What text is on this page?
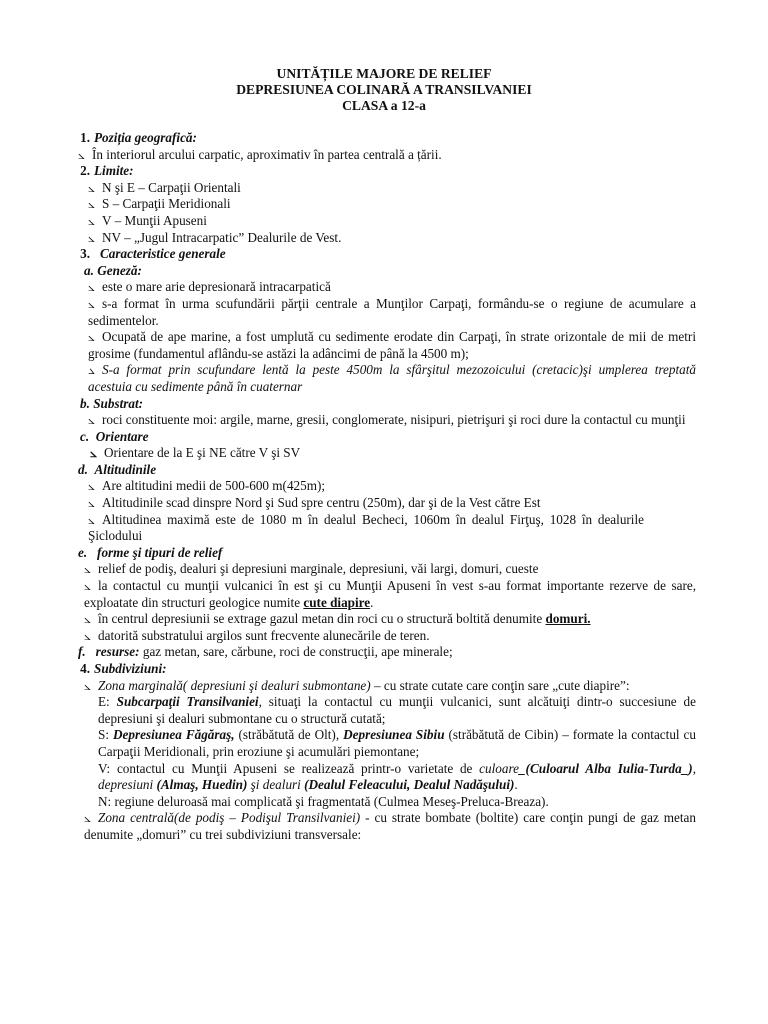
UNITĂȚILE MAJORE DE RELIEF
DEPRESIUNEA COLINARĂ A TRANSILVANIEI
CLASA a 12-a
1. Poziția geografică:
⦣ În interiorul arcului carpatic, aproximativ în partea centrală a țării.
2. Limite:
⦣ N şi E – Carpaţii Orientali
⦣ S – Carpaţii Meridionali
⦣ V – Munţii Apuseni
⦣ NV – „Jugul Intracarpatic” Dealurile de Vest.
3. Caracteristice generale
a. Geneză:
⦣ este o mare arie depresionară intracarpatică
⦣ s-a format în urma scufundării părţii centrale a Munţilor Carpaţi, formându-se o regiune de acumulare a sedimentelor.
⦣ Ocupată de ape marine, a fost umplută cu sedimente erodate din Carpaţi, în strate orizontale de mii de metri grosime (fundamentul aflându-se astăzi la adâncimi de până la 4500 m);
⦣ S-a format prin scufundare lentă la peste 4500m la sfârşitul mezozoicului (cretacic)şi umplerea treptată acestuia cu sedimente până în cuaternar
b. Substrat:
⦣ roci constituente moi: argile, marne, gresii, conglomerate, nisipuri, pietrişuri şi roci dure la contactul cu munţii
c. Orientare
⦣ Orientare de la E şi NE către V şi SV
d. Altitudinile
⦣ Are altitudini medii de 500-600 m(425m);
⦣ Altitudinile scad dinspre Nord şi Sud spre centru (250m), dar şi de la Vest către Est
⦣ Altitudinea maximă este de 1080 m în dealul Becheci, 1060m în dealul Firţuş, 1028 în dealurile Şiclodului
e. forme şi tipuri de relief
⦣ relief de podiş, dealuri şi depresiuni marginale, depresiuni, văi largi, domuri, cueste
⦣ la contactul cu munţii vulcanici în est şi cu Munţii Apuseni în vest s-au format importante rezerve de sare, exploatate din structuri geologice numite cute diapire.
⦣ în centrul depresiunii se extrage gazul metan din roci cu o structură boltită denumite domuri.
⦣ datorită substratului argilos sunt frecvente alunecările de teren.
f. resurse: gaz metan, sare, cărbune, roci de construcţii, ape minerale;
4. Subdiviziuni:
⦣ Zona marginală( depresiuni şi dealuri submontane) – cu strate cutate care conţin sare „cute diapire”:
E: Subcarpaţii Transilvaniei, situaţi la contactul cu munţii vulcanici, sunt alcătuiţi dintr-o succesiune de depresiuni şi dealuri submontane cu o structură cutată;
S: Depresiunea Făgăraş, (străbătută de Olt), Depresiunea Sibiu (străbătută de Cibin) – formate la contactul cu Carpaţii Meridionali, prin eroziune şi acumulări piemontane;
V: contactul cu Munţii Apuseni se realizează printr-o varietate de culoare_(Culoarul Alba Iulia-Turda_), depresiuni (Almaş, Huedin) şi dealuri (Dealul Feleacului, Dealul Nadăşului).
N: regiune deluroasă mai complicată şi fragmentată (Culmea Meseş-Preluca-Breaza).
⦣ Zona centrală(de podiş – Podişul Transilvaniei) - cu strate bombate (boltite) care conţin pungi de gaz metan denumite „domuri” cu trei subdiviziuni transversale:
